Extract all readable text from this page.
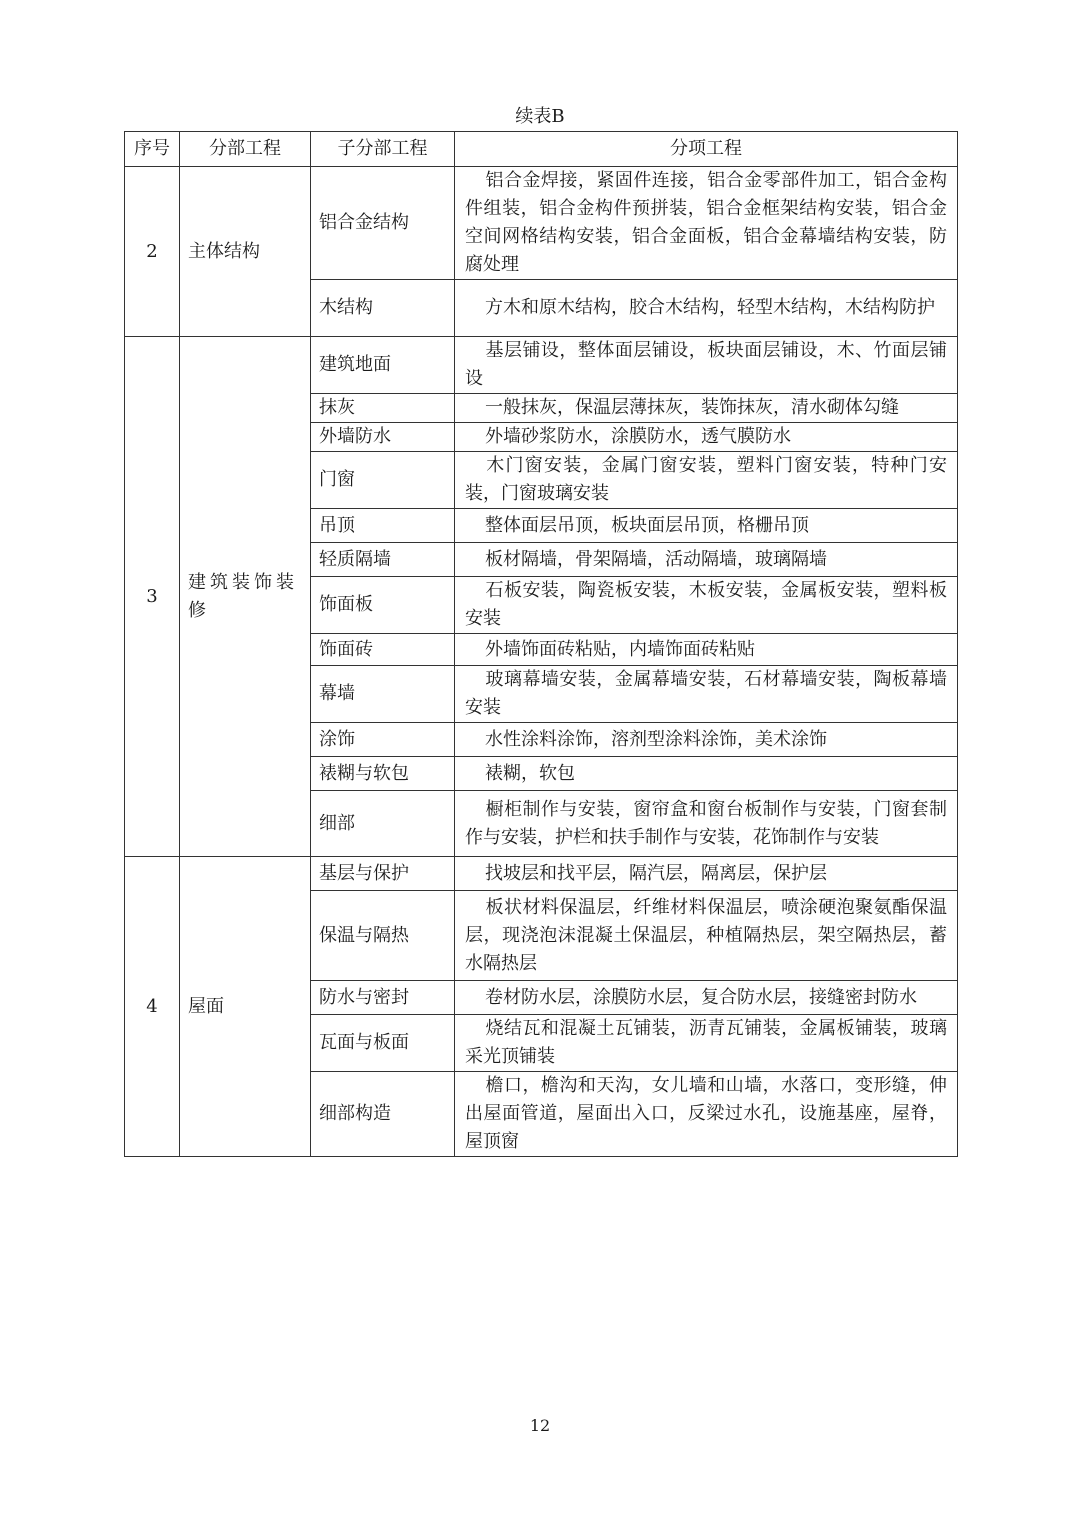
续表B
序号	分部工程	子分部工程	分项工程
2	主体结构	铝合金结构	铝合金焊接，紧固件连接，铝合金零部件加工，铝合金构件组装，铝合金构件预拼装，铝合金框架结构安装，铝合金空间网格结构安装，铝合金面板，铝合金幕墙结构安装，防腐处理
		木结构	方木和原木结构，胶合木结构，轻型木结构，木结构防护
3	建筑装饰装修	建筑地面	基层铺设，整体面层铺设，板块面层铺设，木、竹面层铺设
		抹灰	一般抹灰，保温层薄抹灰，装饰抹灰，清水砌体勾缝
		外墙防水	外墙砂浆防水，涂膜防水，透气膜防水
		门窗	木门窗安装，金属门窗安装，塑料门窗安装，特种门安装，门窗玻璃安装
		吊顶	整体面层吊顶，板块面层吊顶，格栅吊顶
		轻质隔墙	板材隔墙，骨架隔墙，活动隔墙，玻璃隔墙
		饰面板	石板安装，陶瓷板安装，木板安装，金属板安装，塑料板安装
		饰面砖	外墙饰面砖粘贴，内墙饰面砖粘贴
		幕墙	玻璃幕墙安装，金属幕墙安装，石材幕墙安装，陶板幕墙安装
		涂饰	水性涂料涂饰，溶剂型涂料涂饰，美术涂饰
		裱糊与软包	裱糊，软包
		细部	橱柜制作与安装，窗帘盒和窗台板制作与安装，门窗套制作与安装，护栏和扶手制作与安装，花饰制作与安装
4	屋面	基层与保护	找坡层和找平层，隔汽层，隔离层，保护层
		保温与隔热	板状材料保温层，纤维材料保温层，喷涂硬泡聚氨酯保温层，现浇泡沫混凝土保温层，种植隔热层，架空隔热层，蓄水隔热层
		防水与密封	卷材防水层，涂膜防水层，复合防水层，接缝密封防水
		瓦面与板面	烧结瓦和混凝土瓦铺装，沥青瓦铺装，金属板铺装，玻璃采光顶铺装
		细部构造	檐口，檐沟和天沟，女儿墙和山墙，水落口，变形缝，伸出屋面管道，屋面出入口，反梁过水孔，设施基座，屋脊，屋顶窗
12
